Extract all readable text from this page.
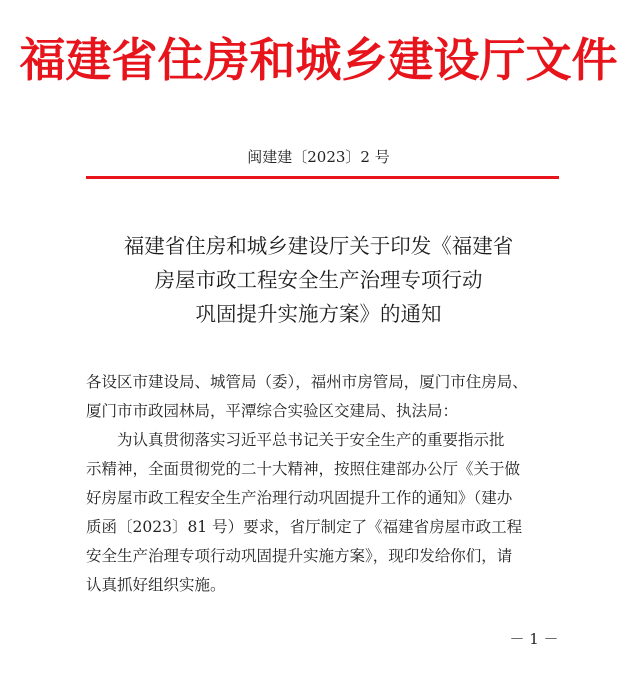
福建省住房和城乡建设厅文件
闽建建〔2023〕2 号
福建省住房和城乡建设厅关于印发《福建省
房屋市政工程安全生产治理专项行动
巩固提升实施方案》的通知

各设区市建设局、城管局（委），福州市房管局，厦门市住房局、

厦门市市政园林局，平潭综合实验区交建局、执法局：

为认真贯彻落实习近平总书记关于安全生产的重要指示批

示精神，全面贯彻党的二十大精神，按照住建部办公厅《关于做

好房屋市政工程安全生产治理行动巩固提升工作的通知》（建办

质函〔2023〕81 号）要求，省厅制定了《福建省房屋市政工程

安全生产治理专项行动巩固提升实施方案》，现印发给你们，请

认真抓好组织实施。

－ 1 －
